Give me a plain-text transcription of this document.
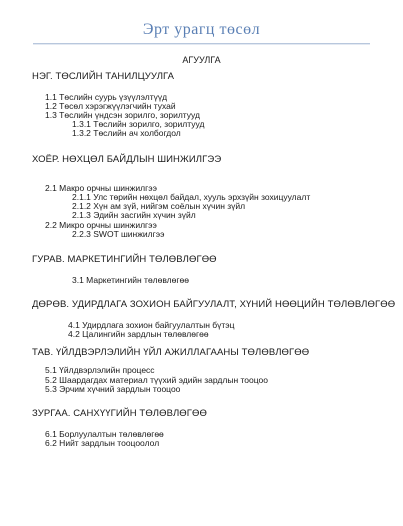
Эрт урагц төсөл
АГУУЛГА
НЭГ. ТӨСЛИЙН ТАНИЛЦУУЛГА
1.1 Төслийн суурь үзүүлэлтүүд
1.2 Төсөл хэрэгжүүлэгчийн тухай
1.3 Төслийн үндсэн зорилго, зорилтууд
1.3.1 Төслийн зорилго, зорилтууд
1.3.2 Төслийн ач холбогдол
ХОЁР. НӨХЦӨЛ БАЙДЛЫН ШИНЖИЛГЭЭ
2.1 Макро орчны шинжилгээ
2.1.1 Улс төрийн нөхцөл байдал, хууль эрхзүйн зохицуулалт
2.1.2 Хүн ам зүй, нийгэм соёлын хүчин зүйл
2.1.3 Эдийн засгийн хүчин зүйл
2.2 Микро орчны шинжилгээ
2.2.3 SWOT шинжилгээ
ГУРАВ. МАРКЕТИНГИЙН ТӨЛӨВЛӨГӨӨ
3.1 Маркетингийн төлөвлөгөө
ДӨРӨВ. УДИРДЛАГА ЗОХИОН БАЙГУУЛАЛТ, ХҮНИЙ НӨӨЦИЙН ТӨЛӨВЛӨГӨӨ
4.1 Удирдлага зохион байгуулалтын бүтэц
4.2 Цалингийн зардлын төлөвлөгөө
ТАВ. ҮЙЛДВЭРЛЭЛИЙН ҮЙЛ АЖИЛЛАГААНЫ ТӨЛӨВЛӨГӨӨ
5.1 Үйлдвэрлэлийн процесс
5.2 Шаардагдах материал түүхий эдийн зардлын тооцоо
5.3 Эрчим хүчний зардлын тооцоо
ЗУРГАА. САНХҮҮГИЙН ТӨЛӨВЛӨГӨӨ
6.1 Борлуулалтын төлөвлөгөө
6.2 Нийт зардлын тооцоолол
